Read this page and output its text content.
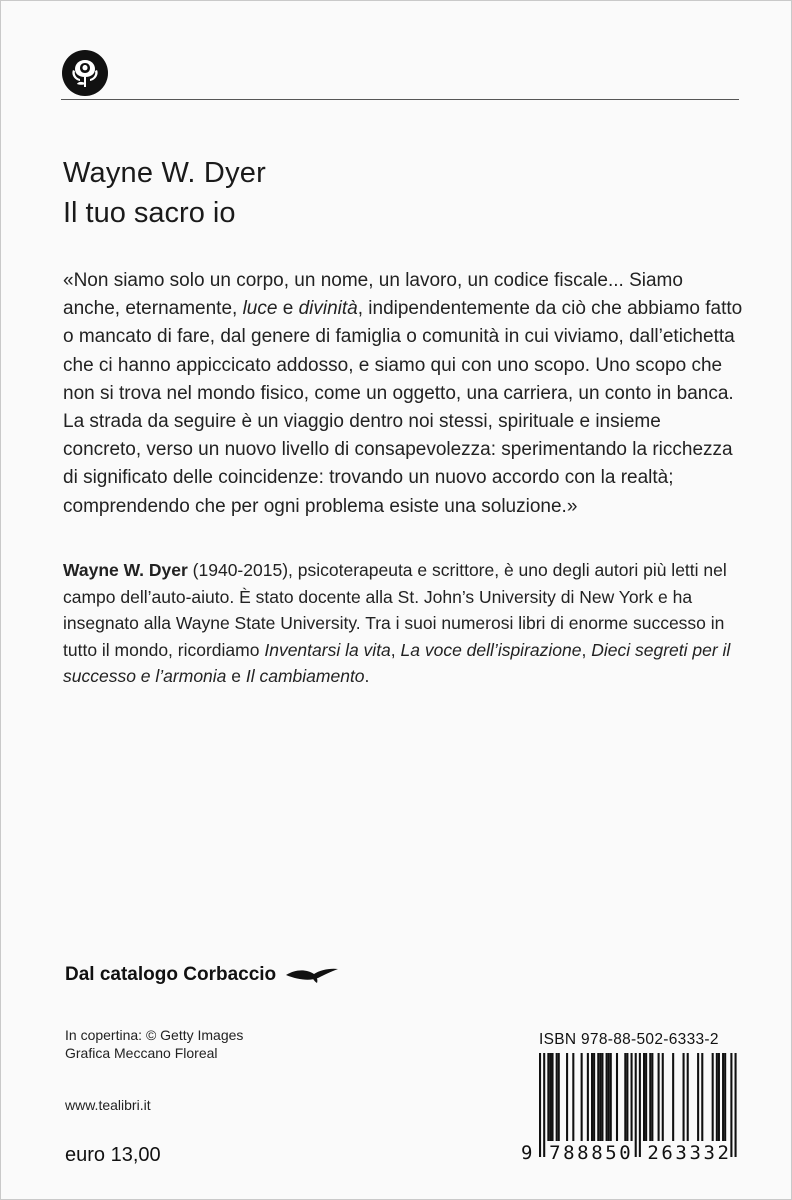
Wayne W. Dyer
Il tuo sacro io

«Non siamo solo un corpo, un nome, un lavoro, un codice fiscale... Siamo anche, eternamente, luce e divinità, indipendentemente da ciò che abbiamo fatto o mancato di fare, dal genere di famiglia o comunità in cui viviamo, dall’etichetta che ci hanno appiccicato addosso, e siamo qui con uno scopo. Uno scopo che non si trova nel mondo fisico, come un oggetto, una carriera, un conto in banca. La strada da seguire è un viaggio dentro noi stessi, spirituale e insieme concreto, verso un nuovo livello di consapevolezza: sperimentando la ricchezza di significato delle coincidenze: trovando un nuovo accordo con la realtà; comprendendo che per ogni problema esiste una soluzione.»

Wayne W. Dyer (1940-2015), psicoterapeuta e scrittore, è uno degli autori più letti nel campo dell’auto-aiuto. È stato docente alla St. John’s University di New York e ha insegnato alla Wayne State University. Tra i suoi numerosi libri di enorme successo in tutto il mondo, ricordiamo Inventarsi la vita, La voce dell’ispirazione, Dieci segreti per il successo e l’armonia e Il cambiamento.

Dal catalogo Corbaccio
In copertina: © Getty Images
Grafica Meccano Floreal
www.tealibri.it
euro 13,00
ISBN 978-88-502-6333-2
9 788850 263332
